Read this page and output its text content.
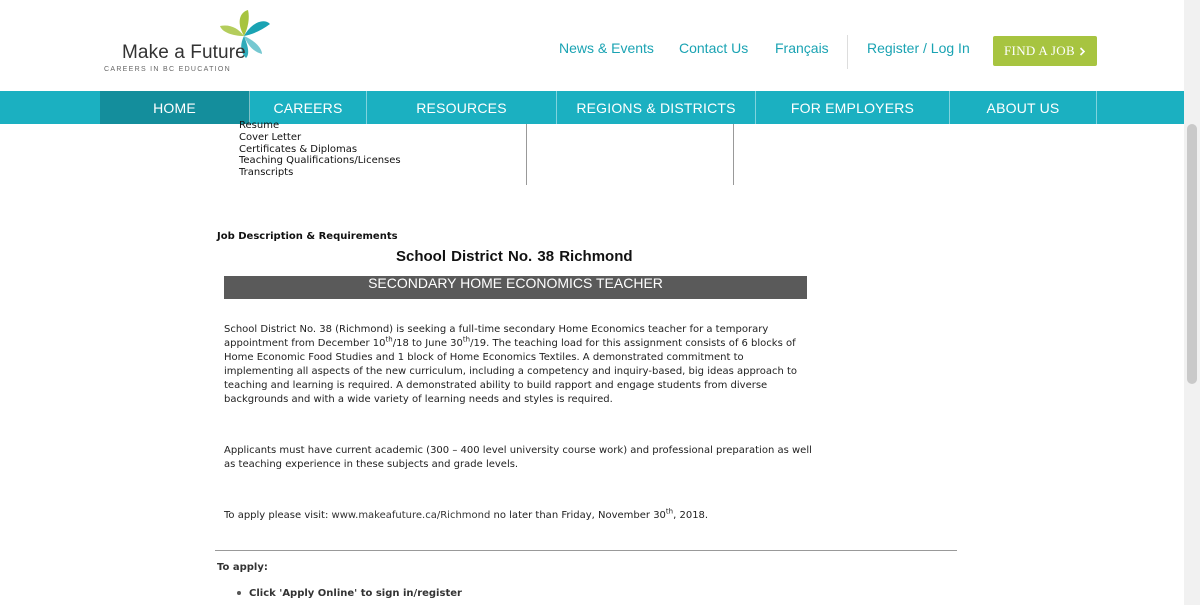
Make a Future
CAREERS IN BC EDUCATION
News & Events Contact Us Français	Register / Log In	FIND A JOB
HOME	CAREERS	RESOURCES	REGIONS & DISTRICTS	FOR EMPLOYERS	ABOUT US
Resume
Cover Letter
Certificates & Diplomas
Teaching Qualifications/Licenses
Transcripts
Job Description & Requirements
School District No. 38 Richmond
SECONDARY HOME ECONOMICS TEACHER
School District No. 38 (Richmond) is seeking a full-time secondary Home Economics teacher for a temporary appointment from December 10th/18 to June 30th/19. The teaching load for this assignment consists of 6 blocks of Home Economic Food Studies and 1 block of Home Economics Textiles. A demonstrated commitment to implementing all aspects of the new curriculum, including a competency and inquiry-based, big ideas approach to teaching and learning is required. A demonstrated ability to build rapport and engage students from diverse backgrounds and with a wide variety of learning needs and styles is required.
Applicants must have current academic (300 – 400 level university course work) and professional preparation as well as teaching experience in these subjects and grade levels.
To apply please visit: www.makeafuture.ca/Richmond no later than Friday, November 30th, 2018.
To apply:
Click 'Apply Online' to sign in/register
